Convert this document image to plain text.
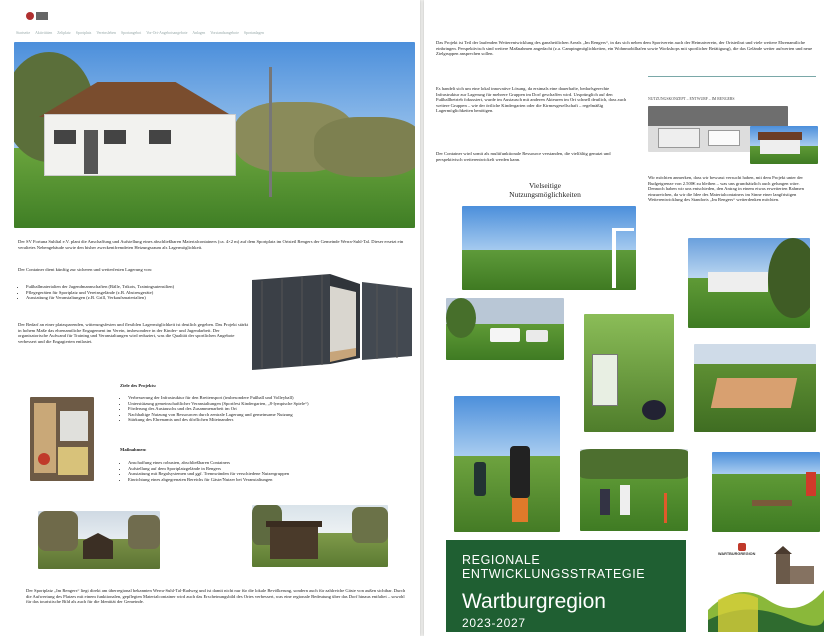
Startseite Aktivitäten Zeltplatz Sportplatz Vereinsleben Sportangebot Vor-Ort-Angebotsangebote Anlagen Vorstandsangebote Sportanlagen
Der SV Fortuna Suhltal e.V. plant die Anschaffung und Aufstellung eines abschließbaren Materialcontainers (ca. 4×2 m) auf dem Sportplatz im Ortsteil Rengers der Gemeinde Werra-Suhl-Tal. Dieser ersetzt ein veraltetes Nebengebäude sowie den bisher zweckentfremdeten Heizungsraum als Lagermöglichkeit.
Der Container dient künftig zur sicheren und wetterfesten Lagerung von:
• Fußballmaterialien der Jugendmannschaften (Bälle, Trikots, Trainingsutensilien)
• Pflegegeräten für Sportplatz und Vereinsgelände (z.B. Abstreugeräte)
• Ausstattung für Veranstaltungen (z.B. Grill, Verkaufsmaterialien)
Der Bedarf an einer platzsparenden, witterungsfesten und flexiblen Lagermöglichkeit ist deutlich gegeben. Das Projekt stärkt in hohem Maße das ehrenamtliche Engagement im Verein, insbesondere in der Kinder- und Jugendarbeit. Der organisatorische Aufwand für Training und Veranstaltungen wird reduziert, was die Qualität der sportlichen Angebote verbessert und die Engagierten entlastet.
Ziele des Projekts:
• Verbesserung der Infrastruktur für den Breitensport (insbesondere Fußball und Volleyball)
• Unterstützung gemeinschaftlicher Veranstaltungen (Sportfest Kindergarten, „8-lympische Spiele“)
• Förderung des Austauschs und des Zusammenarbeit im Ort
• Nachhaltige Nutzung von Ressourcen durch zentrale Lagerung und gemeinsame Nutzung
• Stärkung des Ehrenamts und des dörflichen Miteinanders
Maßnahmen:
• Anschaffung eines robusten, abschließbaren Containers
• Aufstellung auf dem Sportplatzgelände in Rengers
• Ausstattung mit Regalsystemen und ggf. Trennwänden für verschiedene Nutzergruppen
• Einrichtung eines abgegrenzten Bereichs für Gäste/Nutzer bei Veranstaltungen
Der Sportplatz „Im Rengers“ liegt direkt am überregional bekannten Werra-Suhl-Tal-Radweg und ist damit nicht nur für die lokale Bevölkerung, sondern auch für zahlreiche Gäste von außen sichtbar. Durch die Aufwertung des Platzes mit einem funktionalen, gepflegten Materialcontainer wird auch das Erscheinungsbild des Ortes verbessert, was eine regionale Bedeutung über das Dorf hinaus entfaltet – sowohl für das touristische Bild als auch für die Identität der Gemeinde.
Das Projekt ist Teil der laufenden Weiterentwicklung des ganzheitlichen Areals „Im Rengers“, in das sich neben dem Sportverein auch der Heimatverein, der Ortsteilrat und viele weitere Ehrenamtliche einbringen. Perspektivisch sind weitere Maßnahmen angedacht (z.a. Campingmöglichkeiten, ein Wohnmobilhafen sowie Workshops mit sportlicher Betätigung), die das Gelände weiter aufwerten und neue Zielgruppen ansprechen sollen.
Es handelt sich um eine lokal innovative Lösung, da erstmals eine dauerhafte, bedarfsgerechte Infrastruktur zur Lagerung für mehrere Gruppen im Dorf geschaffen wird. Ursprünglich auf den Fußballbetrieb fokussiert, wurde im Austausch mit anderen Akteuren im Ort schnell deutlich, dass auch weitere Gruppen – wie der örtliche Kindergarten oder die Kirmesgesellschaft – regelmäßig Lagermöglichkeiten benötigen.
Der Container wird somit als multifunktionale Ressource verstanden, die vielfältig genutzt und perspektivisch weiterentwickelt werden kann.
NUTZUNGSKONZEPT – ENTWURF – IM RENGERS
Wir möchten anmerken, dass wir bewusst versucht haben, mit dem Projekt unter der Budgetgrenze von 2.500€ zu bleiben – was uns grundsätzlich auch gelungen wäre. Dennoch haben wir uns entschieden, den Antrag in einem etwas erweiterten Rahmen einzureichen, da wir die Idee des Materialcontainers im Sinne einer langfristigen Weiterentwicklung des Standorts „Im Rengers“ weiterdenken möchten.
Vielseitige
Nutzungsmöglichkeiten
REGIONALE
ENTWICKLUNGSSTRATEGIE
Wartburgregion
2023-2027
WARTBURGREGION
